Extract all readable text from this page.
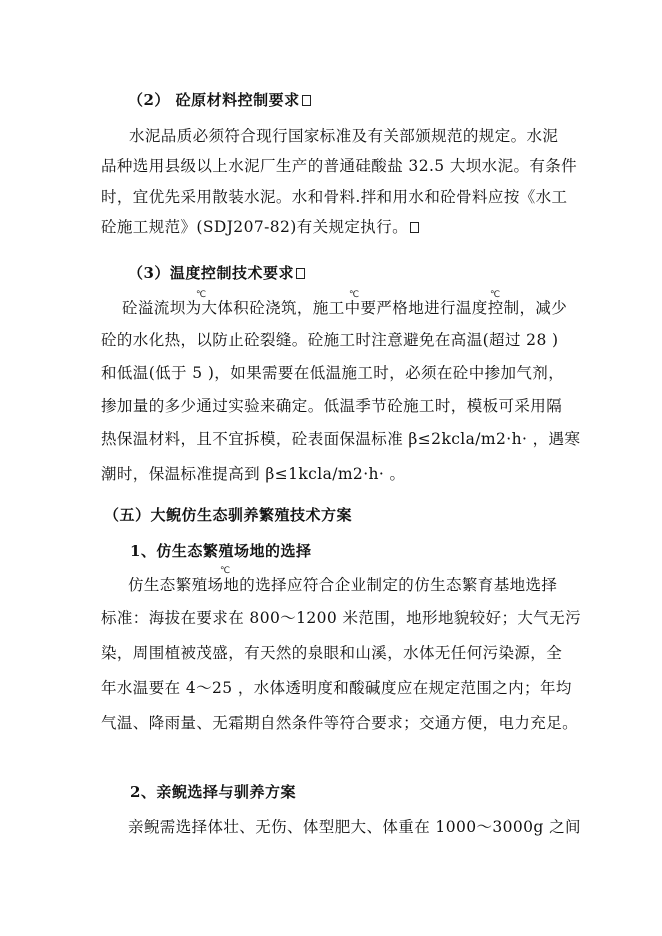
（2） 砼原材料控制要求
水泥品质必须符合现行国家标准及有关部颁规范的规定。水泥
品种选用县级以上水泥厂生产的普通硅酸盐 32.5 大坝水泥。有条件
时，宜优先采用散装水泥。水和骨料.拌和用水和砼骨料应按《水工
砼施工规范》(SDJ207-82)有关规定执行。
（3）温度控制技术要求
℃	℃	℃
砼溢流坝为大体积砼浇筑，施工中要严格地进行温度控制，减少
砼的水化热，以防止砼裂缝。砼施工时注意避免在高温(超过 28 )
和低温(低于 5 )，如果需要在低温施工时，必须在砼中掺加气剂，
掺加量的多少通过实验来确定。低温季节砼施工时，模板可采用隔
热保温材料，且不宜拆模，砼表面保温标准 β≤2kcla/m2·h· ，遇寒
潮时，保温标准提高到 β≤1kcla/m2·h· 。
（五）大鲵仿生态驯养繁殖技术方案
1、仿生态繁殖场地的选择
℃
仿生态繁殖场地的选择应符合企业制定的仿生态繁育基地选择
标准：海拔在要求在 800～1200 米范围，地形地貌较好；大气无污
染，周围植被茂盛，有天然的泉眼和山溪，水体无任何污染源，全
年水温要在 4～25 ，水体透明度和酸碱度应在规定范围之内；年均
气温、降雨量、无霜期自然条件等符合要求；交通方便，电力充足。
2、亲鲵选择与驯养方案
亲鲵需选择体壮、无伤、体型肥大、体重在 1000～3000g 之间
